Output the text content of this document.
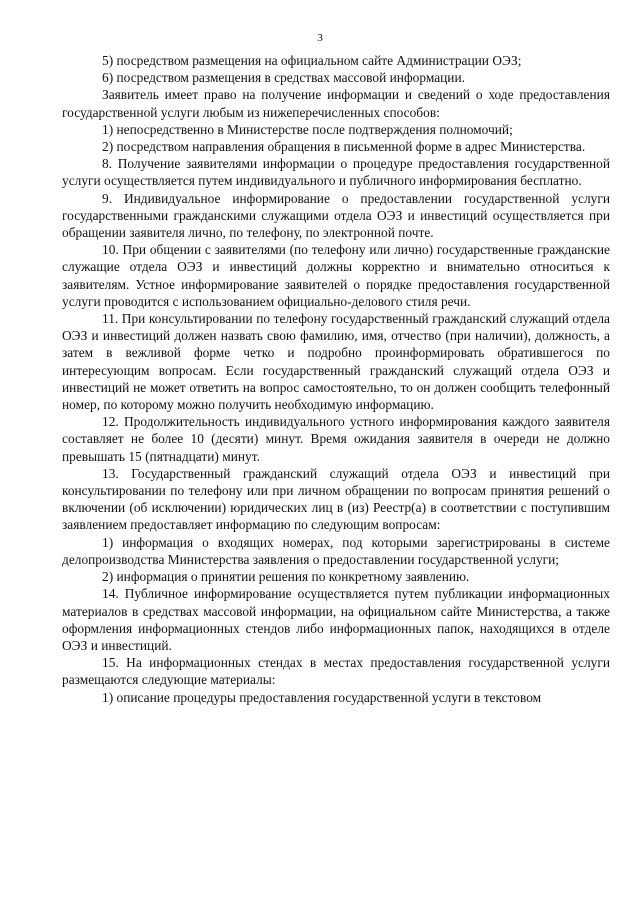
3

5) посредством размещения на официальном сайте Администрации ОЭЗ;

6) посредством размещения в средствах массовой информации.

Заявитель имеет право на получение информации и сведений о ходе предоставления государственной услуги любым из нижеперечисленных способов:

1) непосредственно в Министерстве после подтверждения полномочий;

2) посредством направления обращения в письменной форме в адрес Министерства.

8. Получение заявителями информации о процедуре предоставления государственной услуги осуществляется путем индивидуального и публичного информирования бесплатно.

9. Индивидуальное информирование о предоставлении государственной услуги государственными гражданскими служащими отдела ОЭЗ и инвестиций осуществляется при обращении заявителя лично, по телефону, по электронной почте.

10. При общении с заявителями (по телефону или лично) государственные гражданские служащие отдела ОЭЗ и инвестиций должны корректно и внимательно относиться к заявителям. Устное информирование заявителей о порядке предоставления государственной услуги проводится с использованием официально-делового стиля речи.

11. При консультировании по телефону государственный гражданский служащий отдела ОЭЗ и инвестиций должен назвать свою фамилию, имя, отчество (при наличии), должность, а затем в вежливой форме четко и подробно проинформировать обратившегося по интересующим вопросам. Если государственный гражданский служащий отдела ОЭЗ и инвестиций не может ответить на вопрос самостоятельно, то он должен сообщить телефонный номер, по которому можно получить необходимую информацию.

12. Продолжительность индивидуального устного информирования каждого заявителя составляет не более 10 (десяти) минут. Время ожидания заявителя в очереди не должно превышать 15 (пятнадцати) минут.

13. Государственный гражданский служащий отдела ОЭЗ и инвестиций при консультировании по телефону или при личном обращении по вопросам принятия решений о включении (об исключении) юридических лиц в (из) Реестр(а) в соответствии с поступившим заявлением предоставляет информацию по следующим вопросам:

1) информация о входящих номерах, под которыми зарегистрированы в системе делопроизводства Министерства заявления о предоставлении государственной услуги;

2) информация о принятии решения по конкретному заявлению.

14. Публичное информирование осуществляется путем публикации информационных материалов в средствах массовой информации, на официальном сайте Министерства, а также оформления информационных стендов либо информационных папок, находящихся в отделе ОЭЗ и инвестиций.

15. На информационных стендах в местах предоставления государственной услуги размещаются следующие материалы:

1) описание процедуры предоставления государственной услуги в текстовом
